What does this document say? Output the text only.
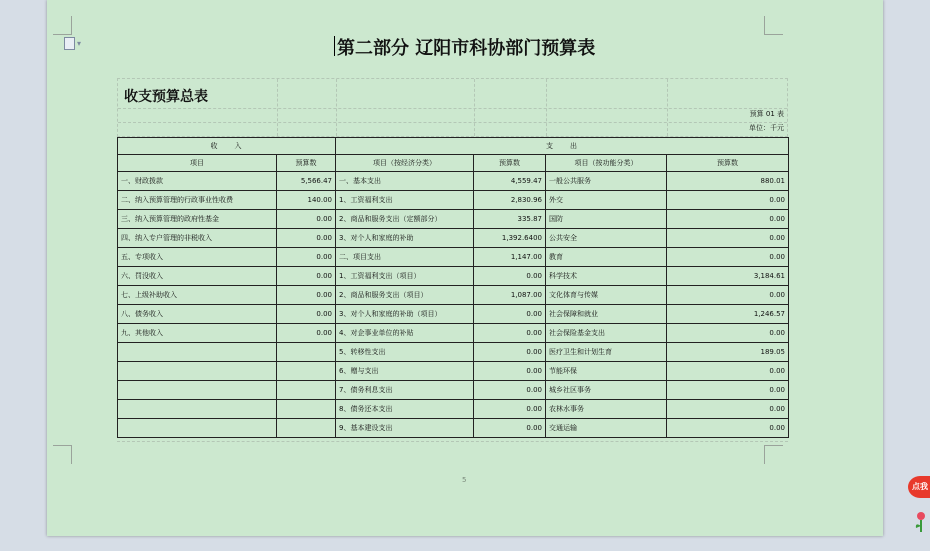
▾	第二部分 辽阳市科协部门预算表
收支预算总表
预算 01 表
单位：千元
收　　入		支　　出			
项目	预算数	项目（按经济分类）	预算数	项目（按功能分类）	预算数
一、财政拨款	5,566.47	一、基本支出	4,559.47	一般公共服务	880.01
二、纳入预算管理的行政事业性收费	140.00	1、工资福利支出	2,830.96	外交	0.00
三、纳入预算管理的政府性基金	0.00	2、商品和服务支出（定额部分）	335.87	国防	0.00
四、纳入专户管理的非税收入	0.00	3、对个人和家庭的补助	1,392.6400	公共安全	0.00
五、专项收入	0.00	二、项目支出	1,147.00	教育	0.00
六、罚没收入	0.00	1、工资福利支出（项目）	0.00	科学技术	3,184.61
七、上级补助收入	0.00	2、商品和服务支出（项目）	1,087.00	文化体育与传媒	0.00
八、债务收入	0.00	3、对个人和家庭的补助（项目）	0.00	社会保障和就业	1,246.57
九、其他收入	0.00	4、对企事业单位的补贴	0.00	社会保险基金支出	0.00
		5、转移性支出	0.00	医疗卫生和计划生育	189.05
		6、赠与支出	0.00	节能环保	0.00
		7、债务利息支出	0.00	城乡社区事务	0.00
		8、债务还本支出	0.00	农林水事务	0.00
		9、基本建设支出	0.00	交通运输	0.00
5
点我
